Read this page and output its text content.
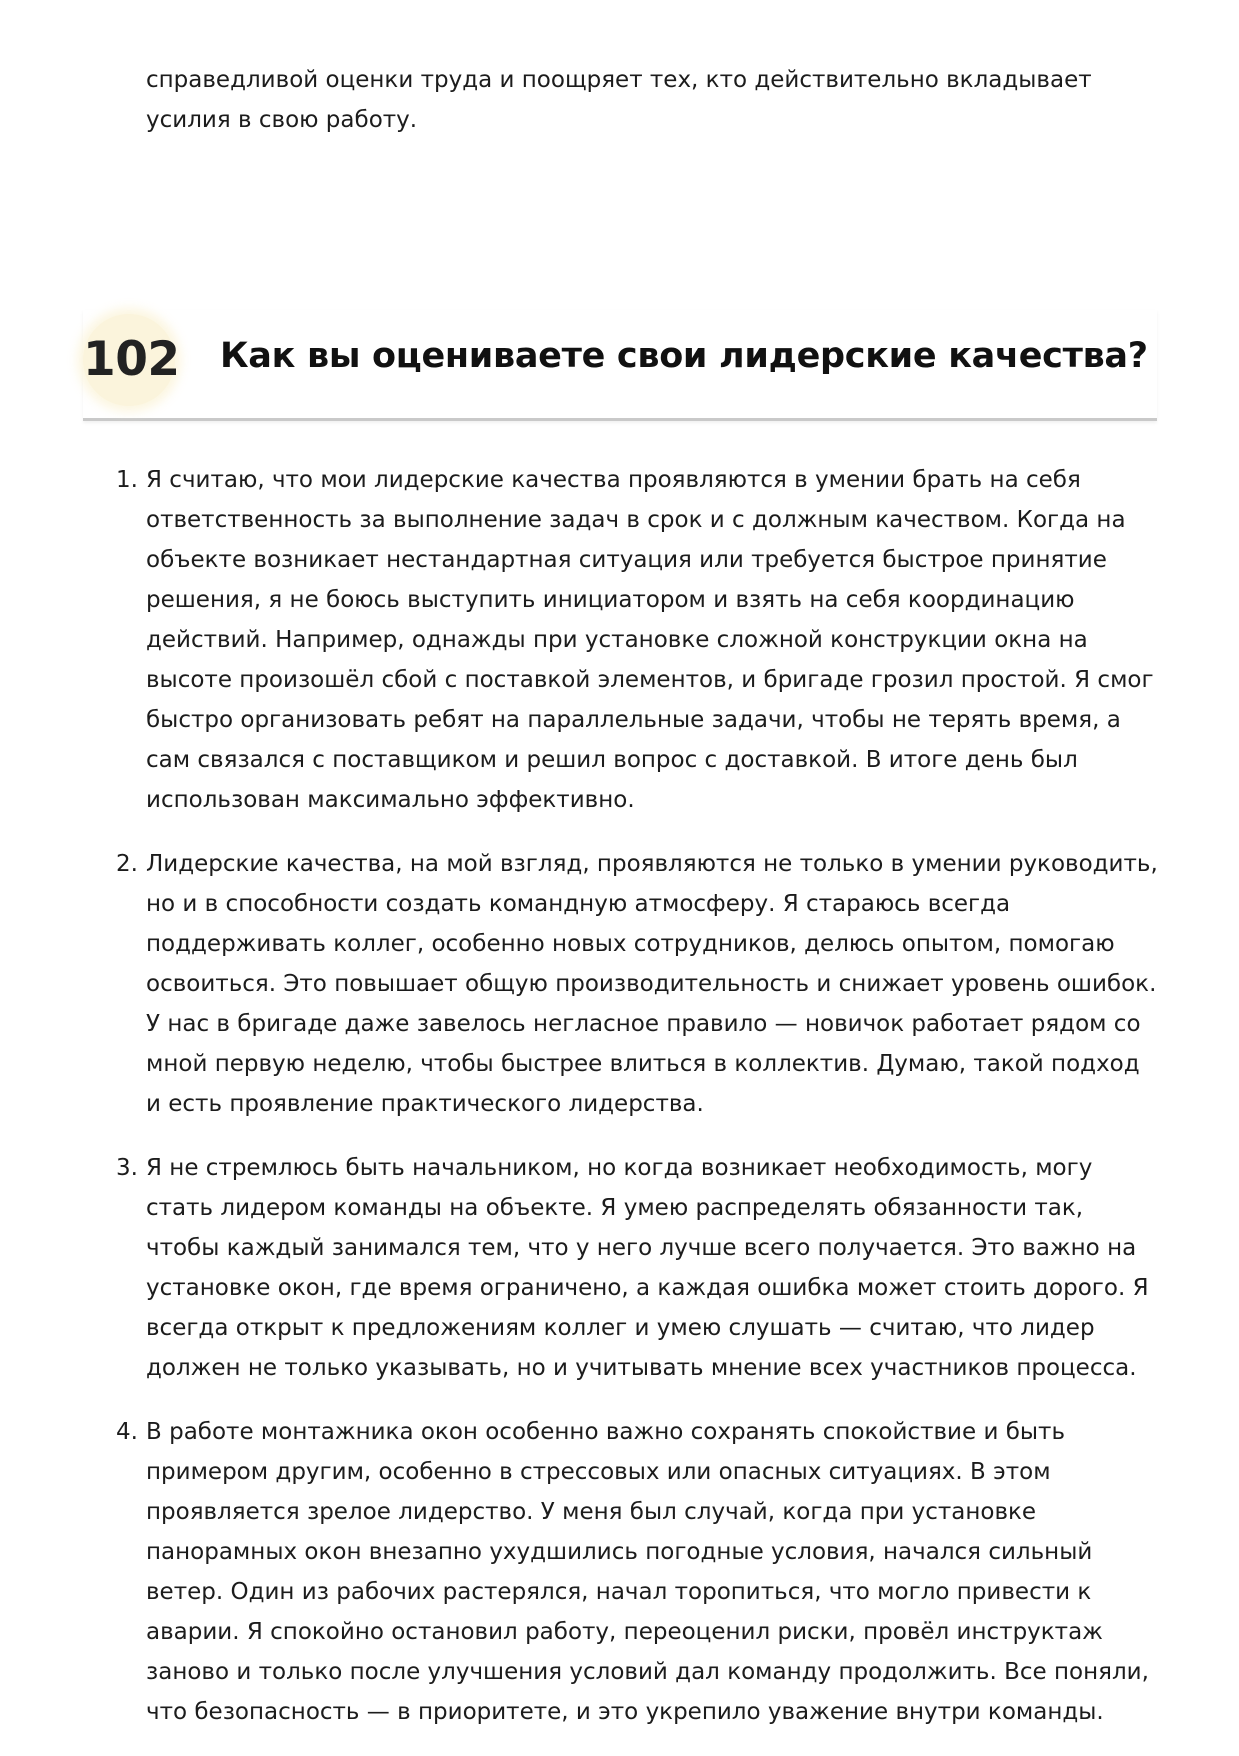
справедливой оценки труда и поощряет тех, кто действительно вкладывает усилия в свою работу.

102 Как вы оцениваете свои лидерские качества?
1. Я считаю, что мои лидерские качества проявляются в умении брать на себя ответственность за выполнение задач в срок и с должным качеством. Когда на объекте возникает нестандартная ситуация или требуется быстрое принятие решения, я не боюсь выступить инициатором и взять на себя координацию действий. Например, однажды при установке сложной конструкции окна на высоте произошёл сбой с поставкой элементов, и бригаде грозил простой. Я смог быстро организовать ребят на параллельные задачи, чтобы не терять время, а сам связался с поставщиком и решил вопрос с доставкой. В итоге день был использован максимально эффективно.
2. Лидерские качества, на мой взгляд, проявляются не только в умении руководить, но и в способности создать командную атмосферу. Я стараюсь всегда поддерживать коллег, особенно новых сотрудников, делюсь опытом, помогаю освоиться. Это повышает общую производительность и снижает уровень ошибок. У нас в бригаде даже завелось негласное правило — новичок работает рядом со мной первую неделю, чтобы быстрее влиться в коллектив. Думаю, такой подход и есть проявление практического лидерства.
3. Я не стремлюсь быть начальником, но когда возникает необходимость, могу стать лидером команды на объекте. Я умею распределять обязанности так, чтобы каждый занимался тем, что у него лучше всего получается. Это важно на установке окон, где время ограничено, а каждая ошибка может стоить дорого. Я всегда открыт к предложениям коллег и умею слушать — считаю, что лидер должен не только указывать, но и учитывать мнение всех участников процесса.
4. В работе монтажника окон особенно важно сохранять спокойствие и быть примером другим, особенно в стрессовых или опасных ситуациях. В этом проявляется зрелое лидерство. У меня был случай, когда при установке панорамных окон внезапно ухудшились погодные условия, начался сильный ветер. Один из рабочих растерялся, начал торопиться, что могло привести к аварии. Я спокойно остановил работу, переоценил риски, провёл инструктаж заново и только после улучшения условий дал команду продолжить. Все поняли, что безопасность — в приоритете, и это укрепило уважение внутри команды.
